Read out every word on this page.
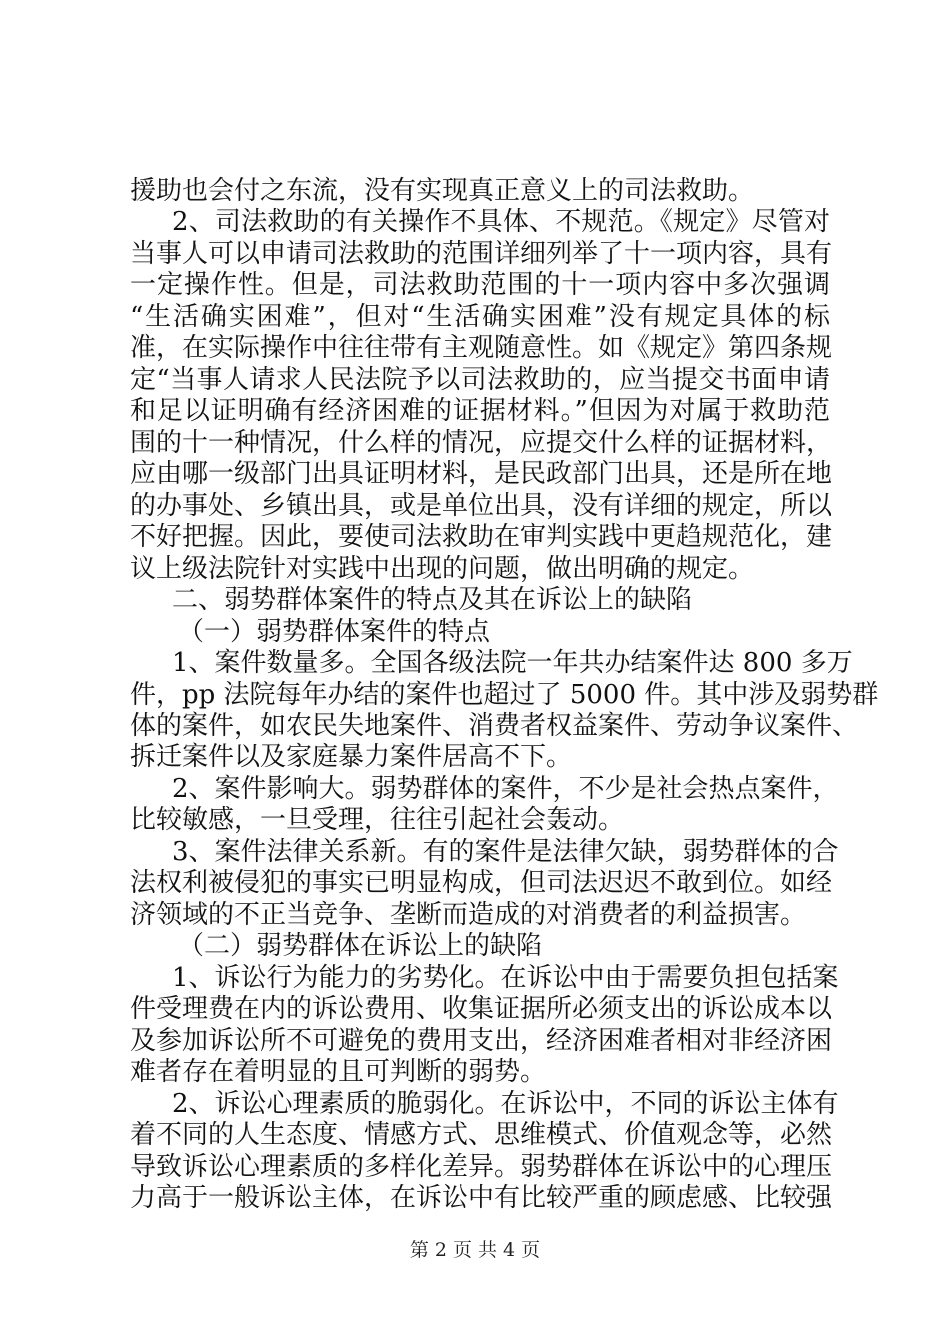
援助也会付之东流，没有实现真正意义上的司法救助。
2、司法救助的有关操作不具体、不规范。《规定》尽管对
当事人可以申请司法救助的范围详细列举了十一项内容，具有
一定操作性。但是，司法救助范围的十一项内容中多次强调
“生活确实困难”，但对“生活确实困难”没有规定具体的标
准，在实际操作中往往带有主观随意性。如《规定》第四条规
定“当事人请求人民法院予以司法救助的，应当提交书面申请
和足以证明确有经济困难的证据材料。”但因为对属于救助范
围的十一种情况，什么样的情况，应提交什么样的证据材料，
应由哪一级部门出具证明材料，是民政部门出具，还是所在地
的办事处、乡镇出具，或是单位出具，没有详细的规定，所以
不好把握。因此，要使司法救助在审判实践中更趋规范化，建
议上级法院针对实践中出现的问题，做出明确的规定。
二、弱势群体案件的特点及其在诉讼上的缺陷
（一）弱势群体案件的特点
1、案件数量多。全国各级法院一年共办结案件达 800 多万
件，pp 法院每年办结的案件也超过了 5000 件。其中涉及弱势群
体的案件，如农民失地案件、消费者权益案件、劳动争议案件、
拆迁案件以及家庭暴力案件居高不下。
2、案件影响大。弱势群体的案件，不少是社会热点案件，
比较敏感，一旦受理，往往引起社会轰动。
3、案件法律关系新。有的案件是法律欠缺，弱势群体的合
法权利被侵犯的事实已明显构成，但司法迟迟不敢到位。如经
济领域的不正当竞争、垄断而造成的对消费者的利益损害。
（二）弱势群体在诉讼上的缺陷
1、诉讼行为能力的劣势化。在诉讼中由于需要负担包括案
件受理费在内的诉讼费用、收集证据所必须支出的诉讼成本以
及参加诉讼所不可避免的费用支出，经济困难者相对非经济困
难者存在着明显的且可判断的弱势。
2、诉讼心理素质的脆弱化。在诉讼中，不同的诉讼主体有
着不同的人生态度、情感方式、思维模式、价值观念等，必然
导致诉讼心理素质的多样化差异。弱势群体在诉讼中的心理压
力高于一般诉讼主体，在诉讼中有比较严重的顾虑感、比较强
第 2 页 共 4 页
